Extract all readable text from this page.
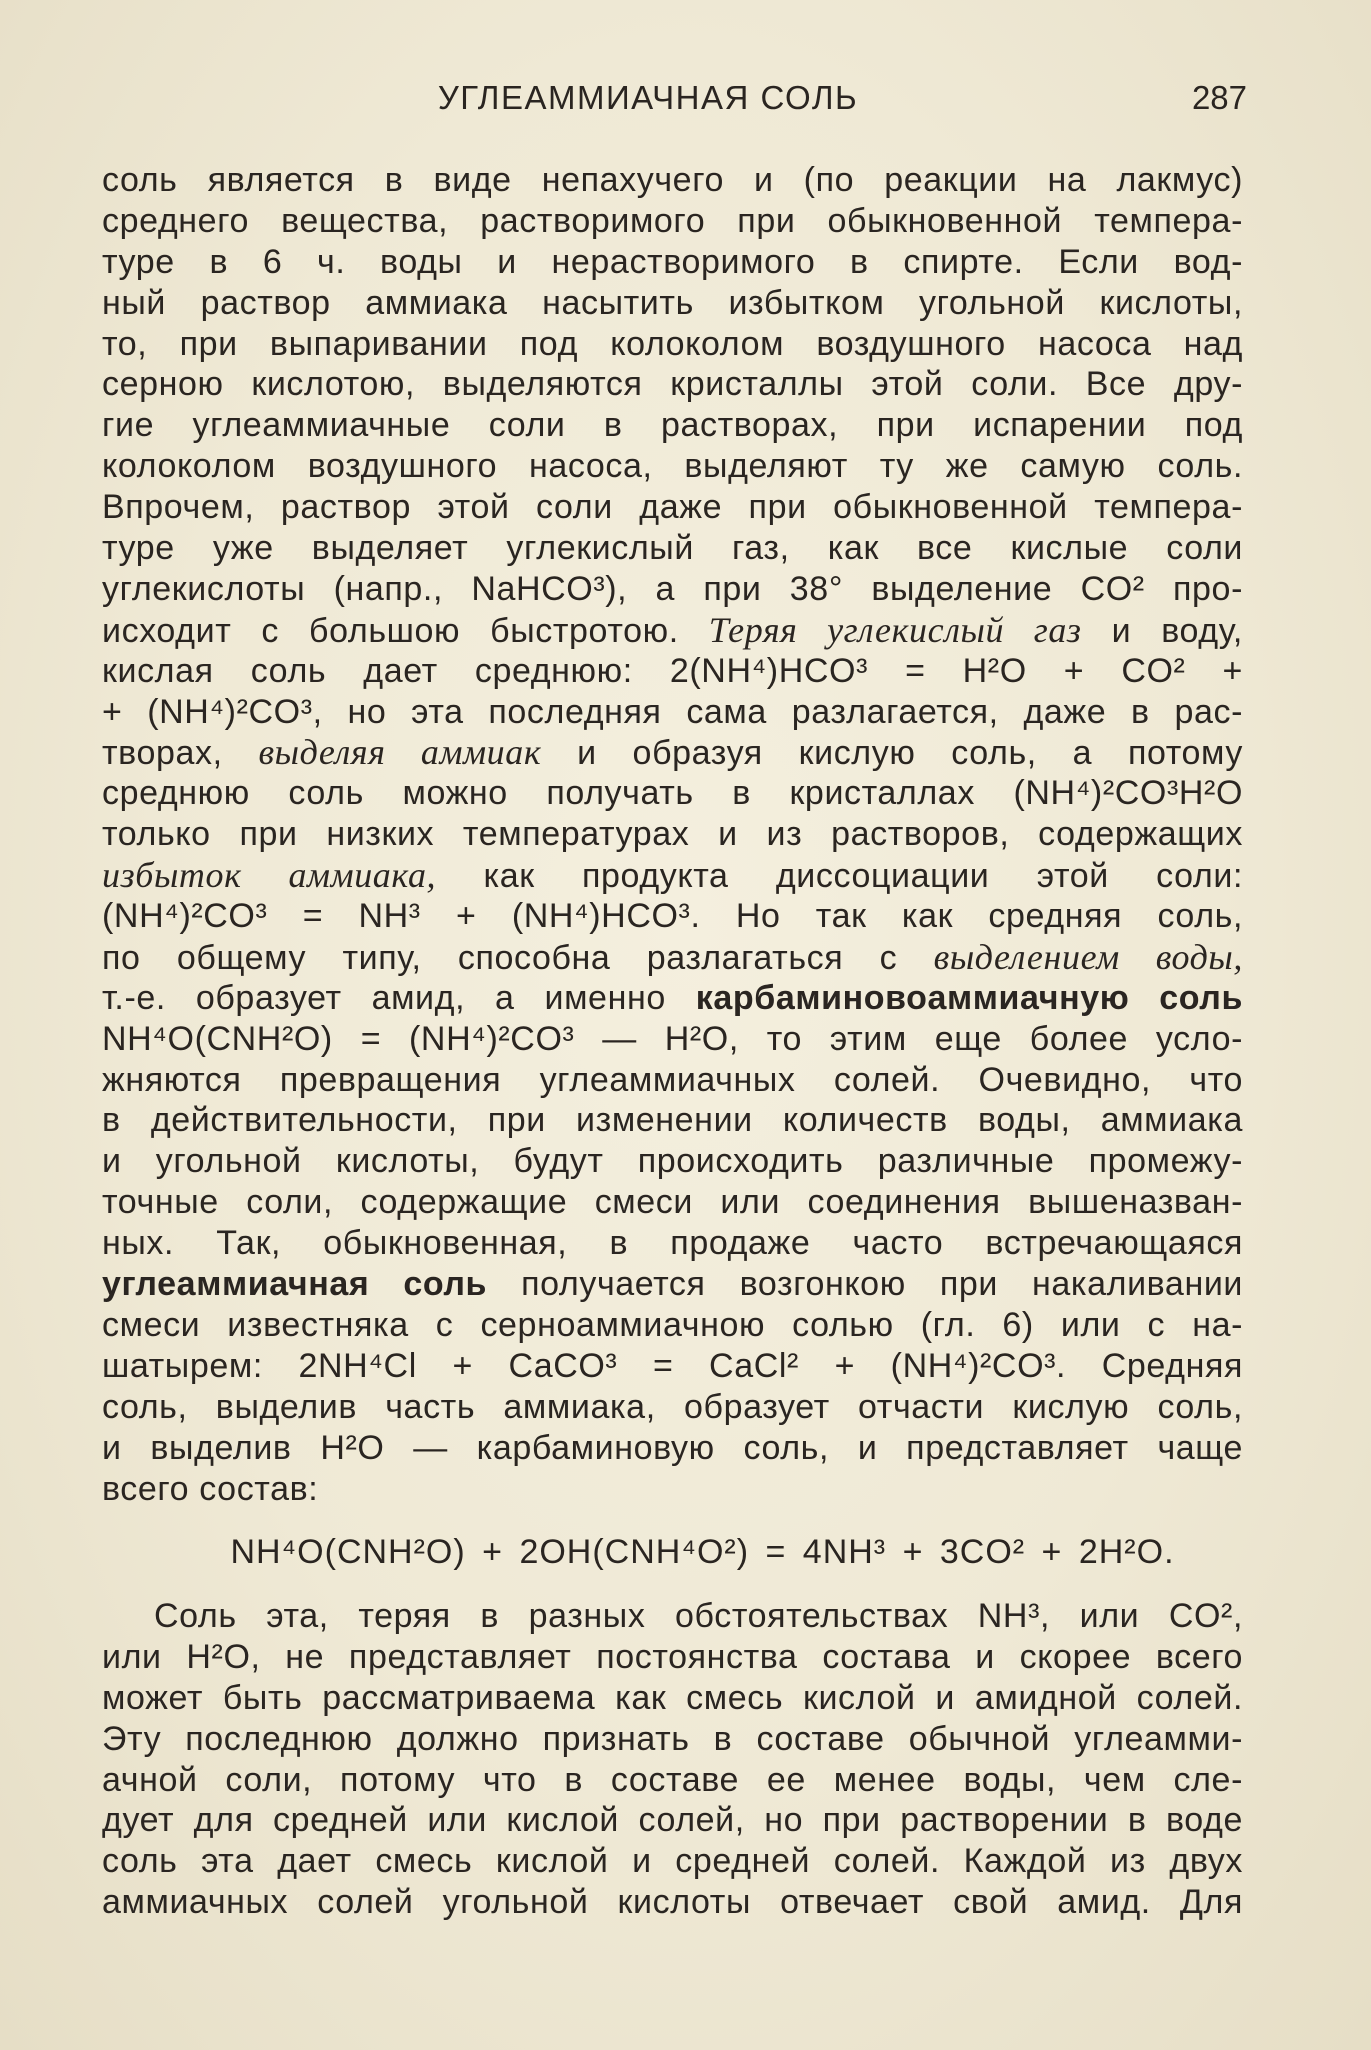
УГЛЕАММИАЧНАЯ СОЛЬ	287
соль является в виде непахучего и (по реакции на лакмус)
среднего вещества, растворимого при обыкновенной темпера-
туре в 6 ч. воды и нерастворимого в спирте. Если вод-
ный раствор аммиака насытить избытком угольной кислоты,
то, при выпаривании под колоколом воздушного насоса над
серною кислотою, выделяются кристаллы этой соли. Все дру-
гие углеаммиачные соли в растворах, при испарении под
колоколом воздушного насоса, выделяют ту же самую соль.
Впрочем, раствор этой соли даже при обыкновенной темпера-
туре уже выделяет углекислый газ, как все кислые соли
углекислоты (напр., NaHCO³), а при 38° выделение CO² про-
исходит с большою быстротою. Теряя углекислый газ и воду,
кислая соль дает среднюю: 2(NH⁴)HCO³ = H²O + CO² +
+ (NH⁴)²CO³, но эта последняя сама разлагается, даже в рас-
творах, выделяя аммиак и образуя кислую соль, а потому
среднюю соль можно получать в кристаллах (NH⁴)²CO³H²O
только при низких температурах и из растворов, содержащих
избыток аммиака, как продукта диссоциации этой соли:
(NH⁴)²CO³ = NH³ + (NH⁴)HCO³. Но так как средняя соль,
по общему типу, способна разлагаться с выделением воды,
т.-е. образует амид, а именно карбаминовоаммиачную соль
NH⁴O(CNH²O) = (NH⁴)²CO³ — H²O, то этим еще более усло-
жняются превращения углеаммиачных солей. Очевидно, что
в действительности, при изменении количеств воды, аммиака
и угольной кислоты, будут происходить различные промежу-
точные соли, содержащие смеси или соединения вышеназван-
ных. Так, обыкновенная, в продаже часто встречающаяся
углеаммиачная соль получается возгонкою при накаливании
смеси известняка с серноаммиачною солью (гл. 6) или с на-
шатырем: 2NH⁴Cl + CaCO³ = CaCl² + (NH⁴)²CO³. Средняя
соль, выделив часть аммиака, образует отчасти кислую соль,
и выделив H²O — карбаминовую соль, и представляет чаще
всего состав:
NH⁴O(CNH²O) + 2OH(CNH⁴O²) = 4NH³ + 3CO² + 2H²O.
Соль эта, теряя в разных обстоятельствах NH³, или CO²,
или H²O, не представляет постоянства состава и скорее всего
может быть рассматриваема как смесь кислой и амидной солей.
Эту последнюю должно признать в составе обычной углеамми-
ачной соли, потому что в составе ее менее воды, чем сле-
дует для средней или кислой солей, но при растворении в воде
соль эта дает смесь кислой и средней солей. Каждой из двух
аммиачных солей угольной кислоты отвечает свой амид. Для
